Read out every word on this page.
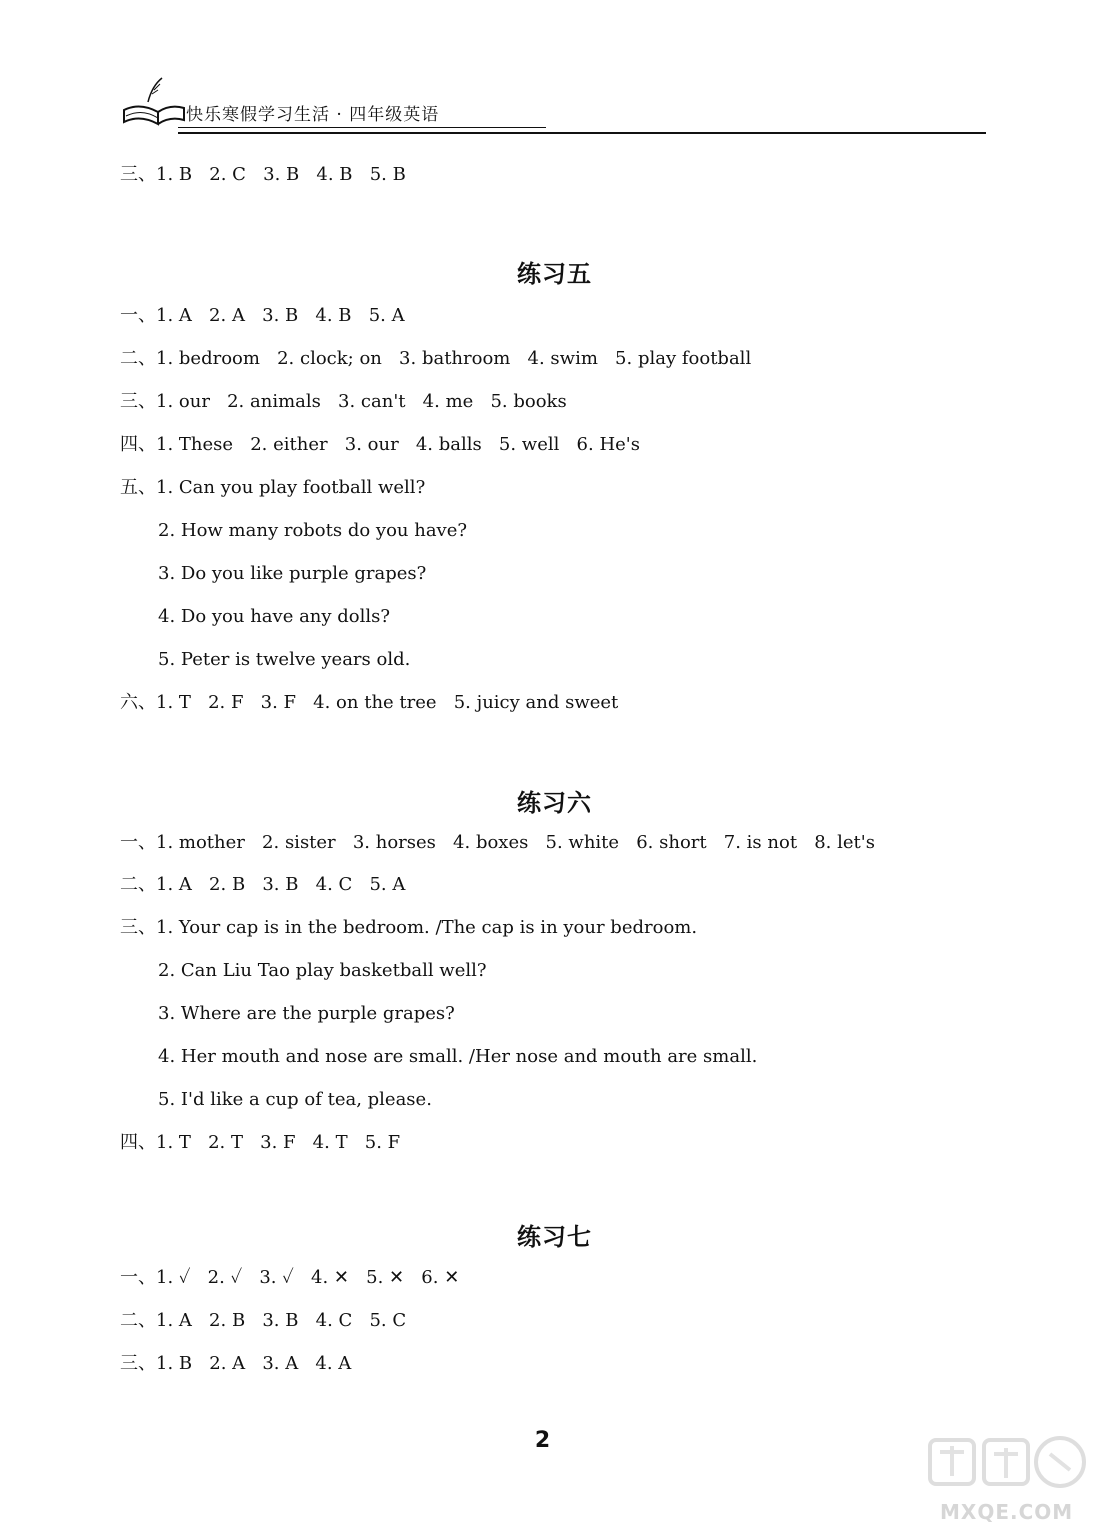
快乐寒假学习生活 · 四年级英语
三、1. B   2. C   3. B   4. B   5. B
练习五
一、1. A   2. A   3. B   4. B   5. A
二、1. bedroom   2. clock; on   3. bathroom   4. swim   5. play football
三、1. our   2. animals   3. can't   4. me   5. books
四、1. These   2. either   3. our   4. balls   5. well   6. He's
五、1. Can you play football well?
2. How many robots do you have?
3. Do you like purple grapes?
4. Do you have any dolls?
5. Peter is twelve years old.
六、1. T   2. F   3. F   4. on the tree   5. juicy and sweet
练习六
一、1. mother   2. sister   3. horses   4. boxes   5. white   6. short   7. is not   8. let's
二、1. A   2. B   3. B   4. C   5. A
三、1. Your cap is in the bedroom. /The cap is in your bedroom.
2. Can Liu Tao play basketball well?
3. Where are the purple grapes?
4. Her mouth and nose are small. /Her nose and mouth are small.
5. I'd like a cup of tea, please.
四、1. T   2. T   3. F   4. T   5. F
练习七
一、1. ✓   2. ✓   3. ✓   4. ✕   5. ✕   6. ✕
二、1. A   2. B   3. B   4. C   5. C
三、1. B   2. A   3. A   4. A
2
MXQE.COM
